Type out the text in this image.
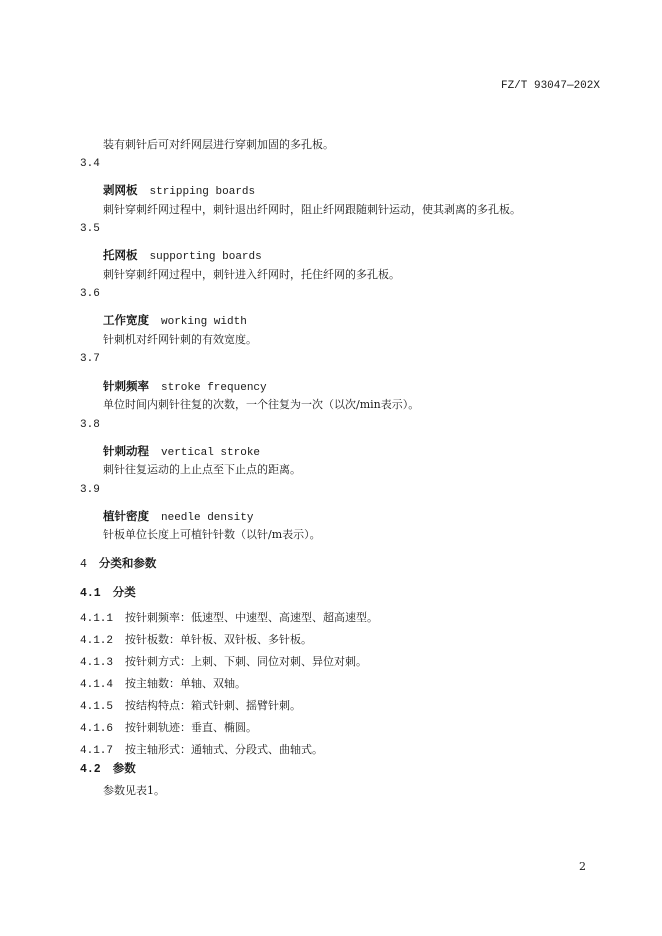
FZ/T 93047—202X
装有刺针后可对纤网层进行穿刺加固的多孔板。
3.4
剥网板 stripping boards
刺针穿刺纤网过程中，刺针退出纤网时，阻止纤网跟随刺针运动，使其剥离的多孔板。
3.5
托网板 supporting boards
刺针穿刺纤网过程中，刺针进入纤网时，托住纤网的多孔板。
3.6
工作宽度 working width
针刺机对纤网针刺的有效宽度。
3.7
针刺频率 stroke frequency
单位时间内刺针往复的次数，一个往复为一次（以次/min表示）。
3.8
针刺动程 vertical stroke
刺针往复运动的上止点至下止点的距离。
3.9
植针密度 needle density
针板单位长度上可植针针数（以针/m表示）。
4 分类和参数
4.1 分类
4.1.1 按针刺频率：低速型、中速型、高速型、超高速型。
4.1.2 按针板数：单针板、双针板、多针板。
4.1.3 按针刺方式：上刺、下刺、同位对刺、异位对刺。
4.1.4 按主轴数：单轴、双轴。
4.1.5 按结构特点：箱式针刺、摇臂针刺。
4.1.6 按针刺轨迹：垂直、椭圆。
4.1.7 按主轴形式：通轴式、分段式、曲轴式。
4.2 参数
参数见表1。
2
